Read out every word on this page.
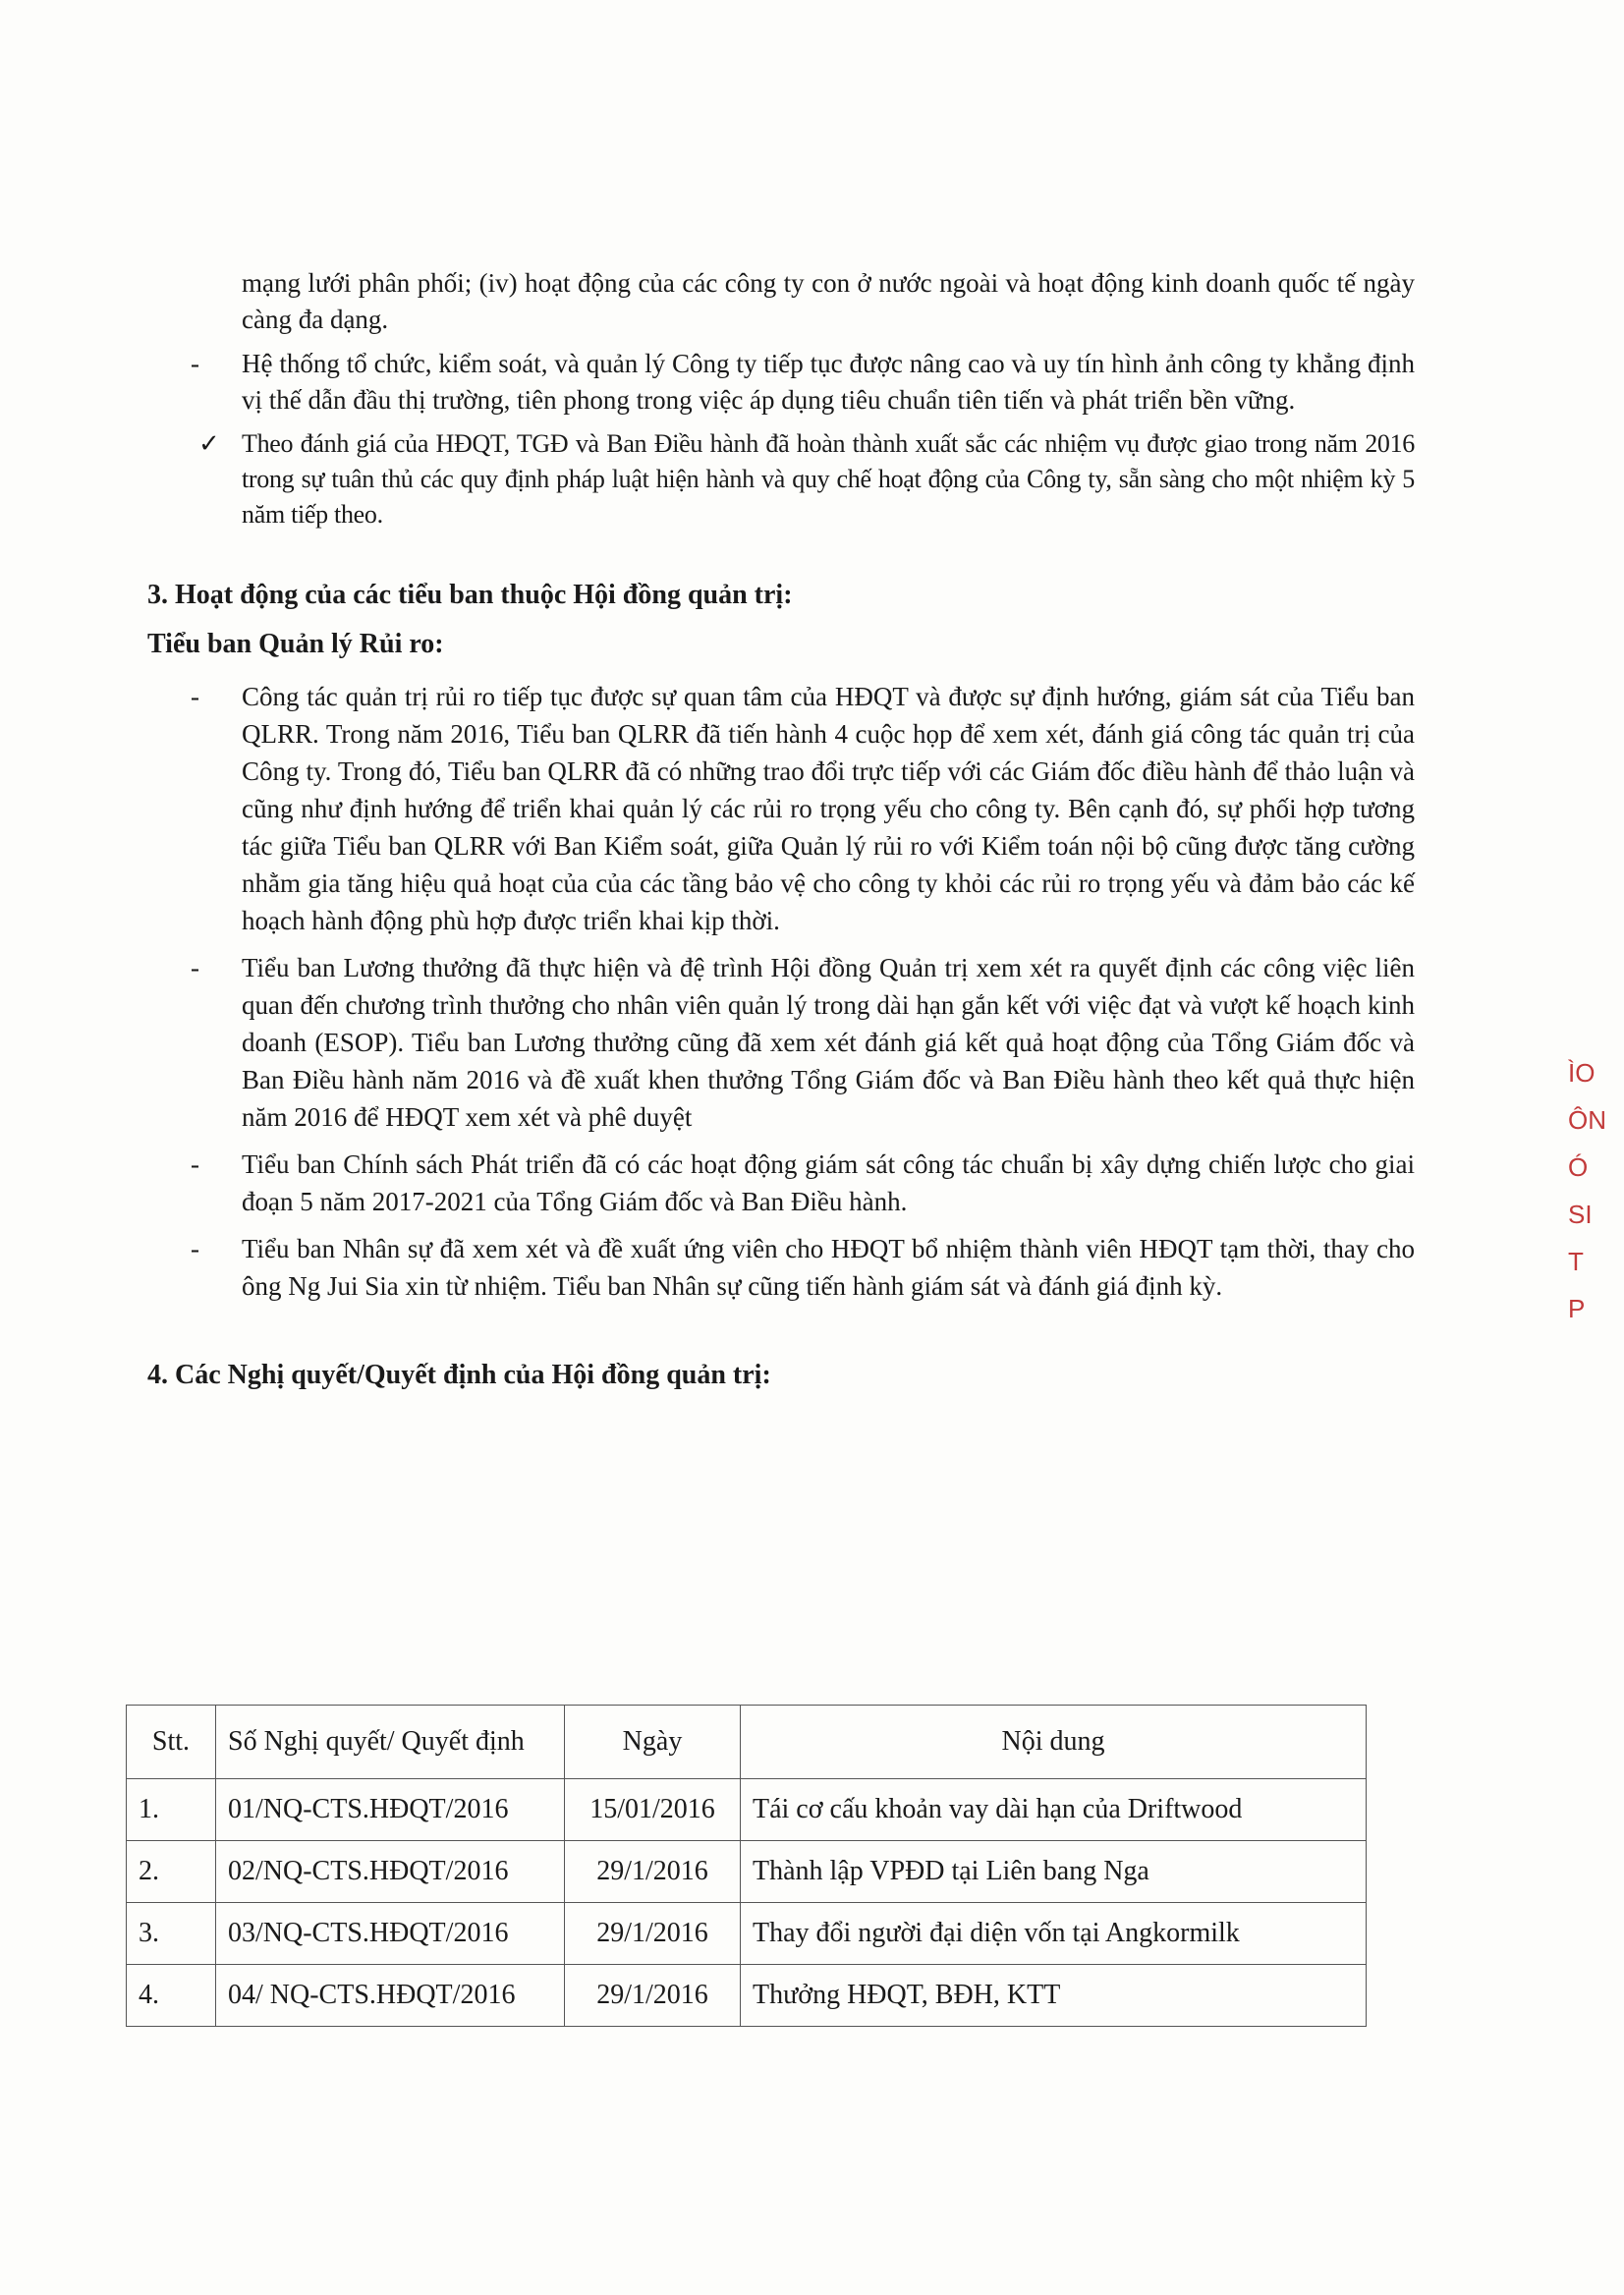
mạng lưới phân phối; (iv) hoạt động của các công ty con ở nước ngoài và hoạt động kinh doanh quốc tế ngày càng đa dạng.

- Hệ thống tổ chức, kiểm soát, và quản lý Công ty tiếp tục được nâng cao và uy tín hình ảnh công ty khẳng định vị thế dẫn đầu thị trường, tiên phong trong việc áp dụng tiêu chuẩn tiên tiến và phát triển bền vững.
✓ Theo đánh giá của HĐQT, TGĐ và Ban Điều hành đã hoàn thành xuất sắc các nhiệm vụ được giao trong năm 2016 trong sự tuân thủ các quy định pháp luật hiện hành và quy chế hoạt động của Công ty, sẵn sàng cho một nhiệm kỳ 5 năm tiếp theo.

3. Hoạt động của các tiểu ban thuộc Hội đồng quản trị:

Tiểu ban Quản lý Rủi ro:

- Công tác quản trị rủi ro tiếp tục được sự quan tâm của HĐQT và được sự định hướng, giám sát của Tiểu ban QLRR. Trong năm 2016, Tiểu ban QLRR đã tiến hành 4 cuộc họp để xem xét, đánh giá công tác quản trị của Công ty. Trong đó, Tiểu ban QLRR đã có những trao đổi trực tiếp với các Giám đốc điều hành để thảo luận và cũng như định hướng để triển khai quản lý các rủi ro trọng yếu cho công ty. Bên cạnh đó, sự phối hợp tương tác giữa Tiểu ban QLRR với Ban Kiểm soát, giữa Quản lý rủi ro với Kiểm toán nội bộ cũng được tăng cường nhằm gia tăng hiệu quả hoạt của của các tầng bảo vệ cho công ty khỏi các rủi ro trọng yếu và đảm bảo các kế hoạch hành động phù hợp được triển khai kịp thời.
- Tiểu ban Lương thưởng đã thực hiện và đệ trình Hội đồng Quản trị xem xét ra quyết định các công việc liên quan đến chương trình thưởng cho nhân viên quản lý trong dài hạn gắn kết với việc đạt và vượt kế hoạch kinh doanh (ESOP). Tiểu ban Lương thưởng cũng đã xem xét đánh giá kết quả hoạt động của Tổng Giám đốc và Ban Điều hành năm 2016 và đề xuất khen thưởng Tổng Giám đốc và Ban Điều hành theo kết quả thực hiện năm 2016 để HĐQT xem xét và phê duyệt
- Tiểu ban Chính sách Phát triển đã có các hoạt động giám sát công tác chuẩn bị xây dựng chiến lược cho giai đoạn 5 năm 2017-2021 của Tổng Giám đốc và Ban Điều hành.
- Tiểu ban Nhân sự đã xem xét và đề xuất ứng viên cho HĐQT bổ nhiệm thành viên HĐQT tạm thời, thay cho ông Ng Jui Sia xin từ nhiệm. Tiểu ban Nhân sự cũng tiến hành giám sát và đánh giá định kỳ.

4. Các Nghị quyết/Quyết định của Hội đồng quản trị:

Stt.	Số Nghị quyết/ Quyết định	Ngày	Nội dung
1.	01/NQ-CTS.HĐQT/2016	15/01/2016	Tái cơ cấu khoản vay dài hạn của Driftwood
2.	02/NQ-CTS.HĐQT/2016	29/1/2016	Thành lập VPĐD tại Liên bang Nga
3.	03/NQ-CTS.HĐQT/2016	29/1/2016	Thay đổi người đại diện vốn tại Angkormilk
4.	04/ NQ-CTS.HĐQT/2016	29/1/2016	Thưởng HĐQT, BĐH, KTT
ÌO
ÔN
Ó
SI
T
P
